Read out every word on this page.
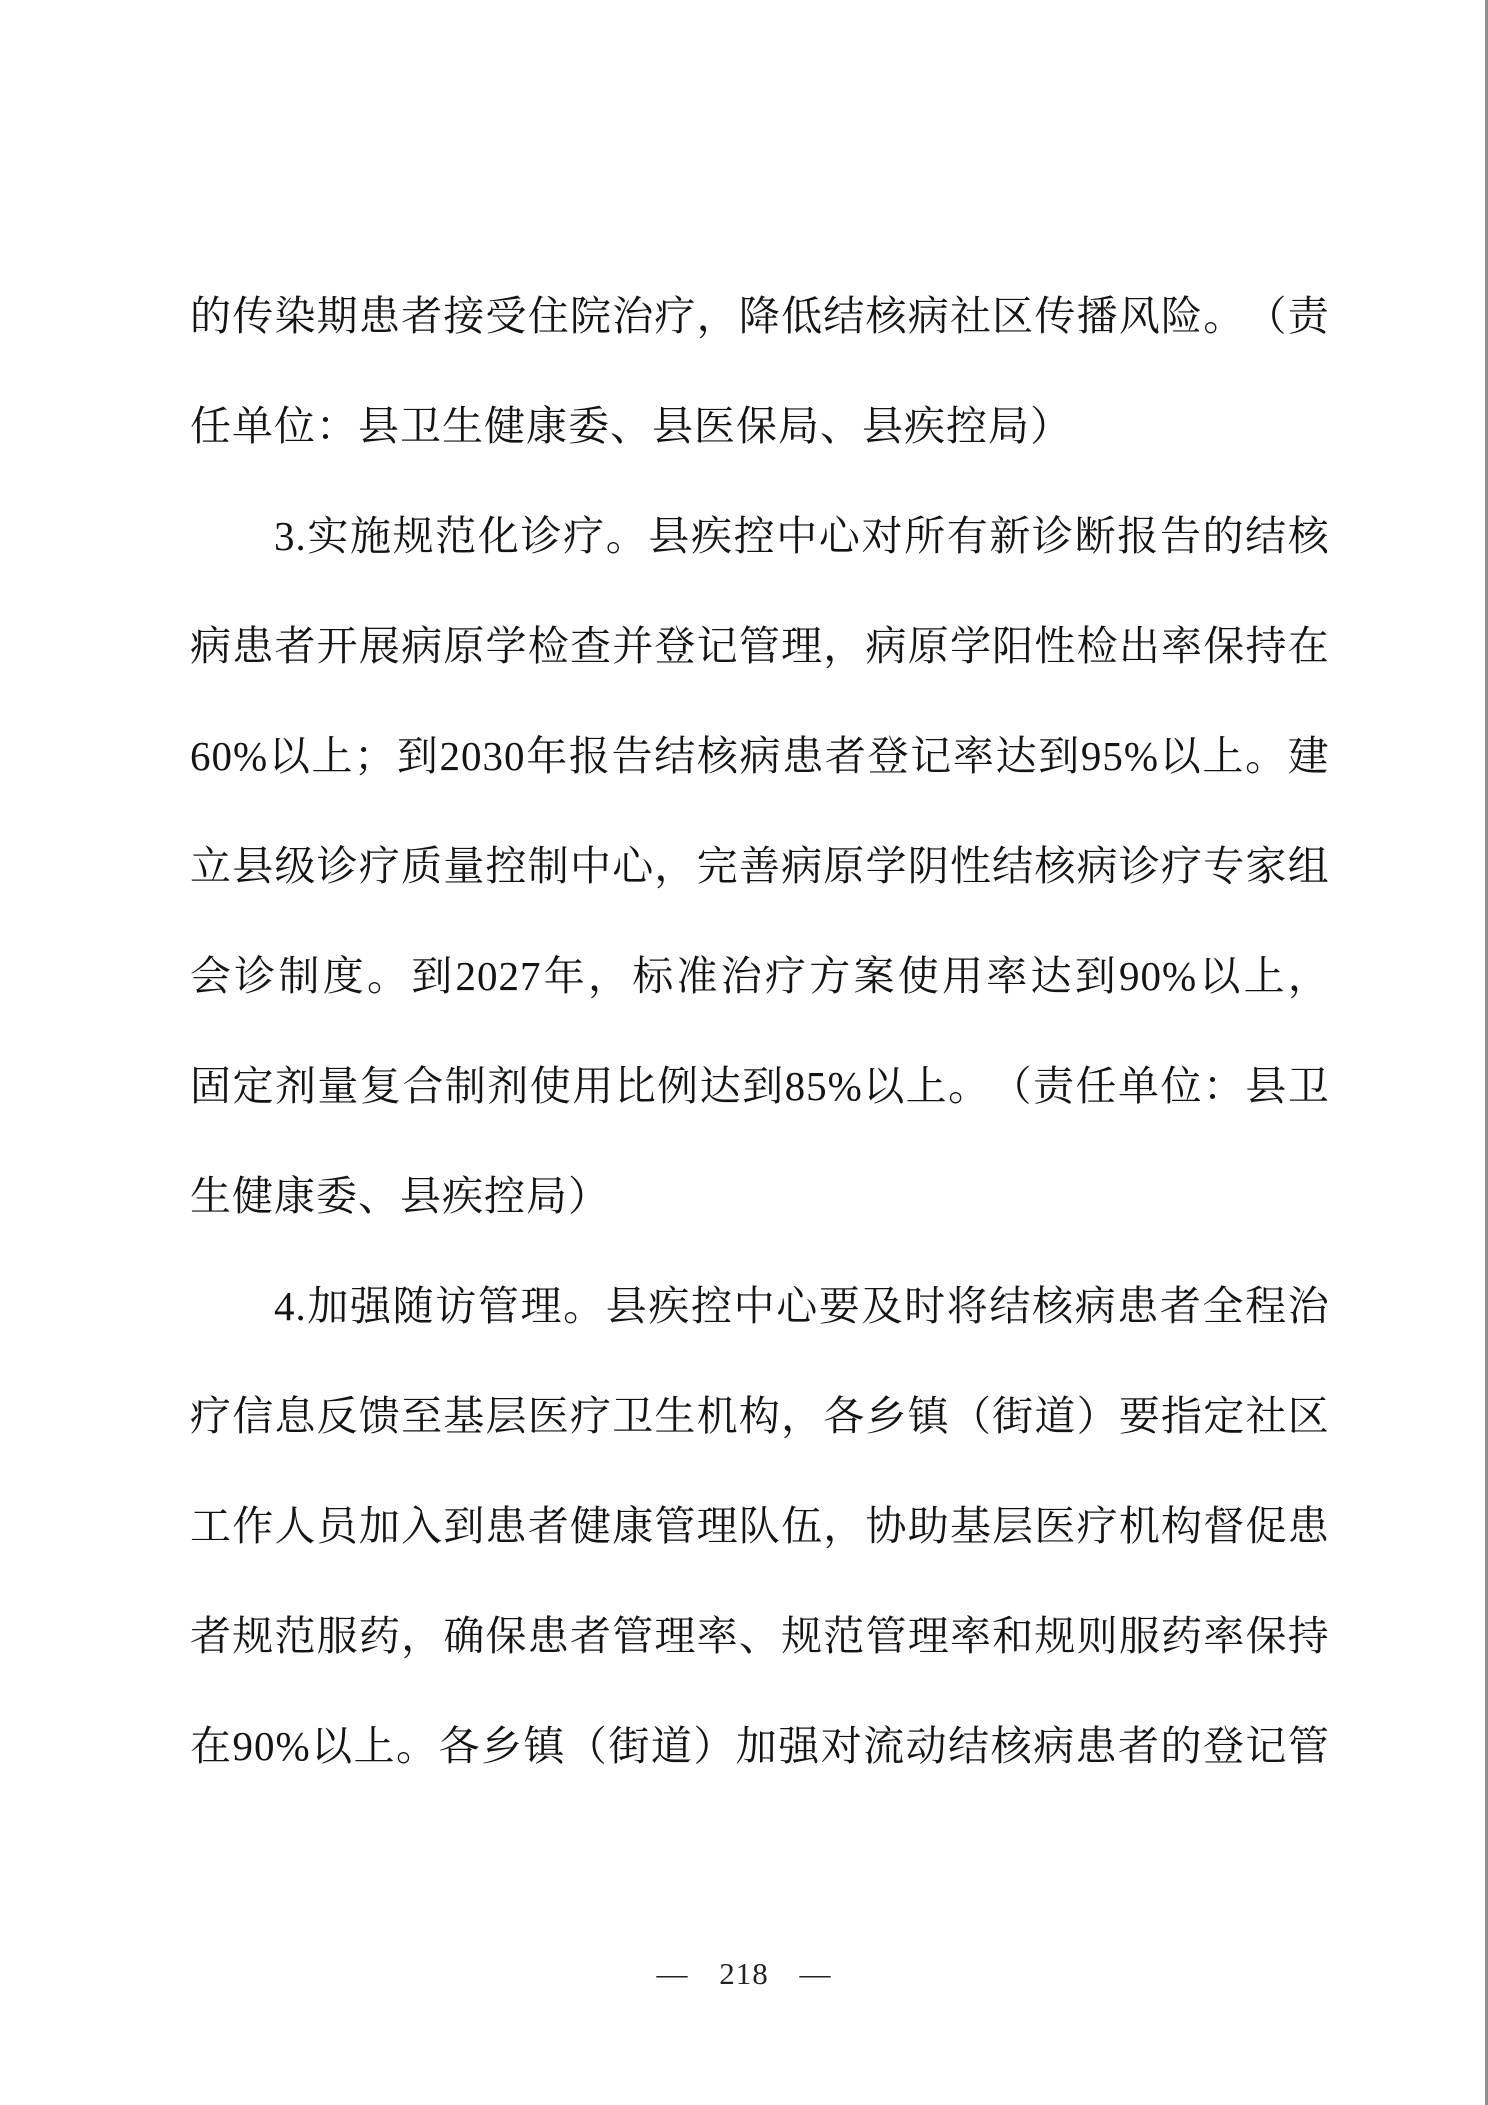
的 传 染 期 患 者 接 受 住 院 治 疗 ， 降 低 结 核 病 社 区 传 播 风 险 。 （ 责
任单位：县卫生健康委、县医保局、县疾控局）
3. 实 施 规 范 化 诊 疗 。 县 疾 控 中 心 对 所 有 新 诊 断 报 告 的 结 核
病 患 者 开 展 病 原 学 检 查 并 登 记 管 理 ， 病 原 学 阳 性 检 出 率 保 持 在
60% 以 上 ； 到 2030 年 报 告 结 核 病 患 者 登 记 率 达 到 95% 以 上 。 建
立 县 级 诊 疗 质 量 控 制 中 心 ， 完 善 病 原 学 阴 性 结 核 病 诊 疗 专 家 组
会 诊 制 度 。 到 2027 年 ， 标 准 治 疗 方 案 使 用 率 达 到 90% 以 上 ，
固 定 剂 量 复 合 制 剂 使 用 比 例 达 到 85% 以 上 。 （ 责 任 单 位 ： 县 卫
生健康委、县疾控局）
4. 加 强 随 访 管 理 。 县 疾 控 中 心 要 及 时 将 结 核 病 患 者 全 程 治
疗 信 息 反 馈 至 基 层 医 疗 卫 生 机 构 ， 各 乡 镇 （ 街 道 ） 要 指 定 社 区
工 作 人 员 加 入 到 患 者 健 康 管 理 队 伍 ， 协 助 基 层 医 疗 机 构 督 促 患
者 规 范 服 药 ， 确 保 患 者 管 理 率 、 规 范 管 理 率 和 规 则 服 药 率 保 持
在 90% 以 上 。 各 乡 镇 （ 街 道 ） 加 强 对 流 动 结 核 病 患 者 的 登 记 管
— 218 —
